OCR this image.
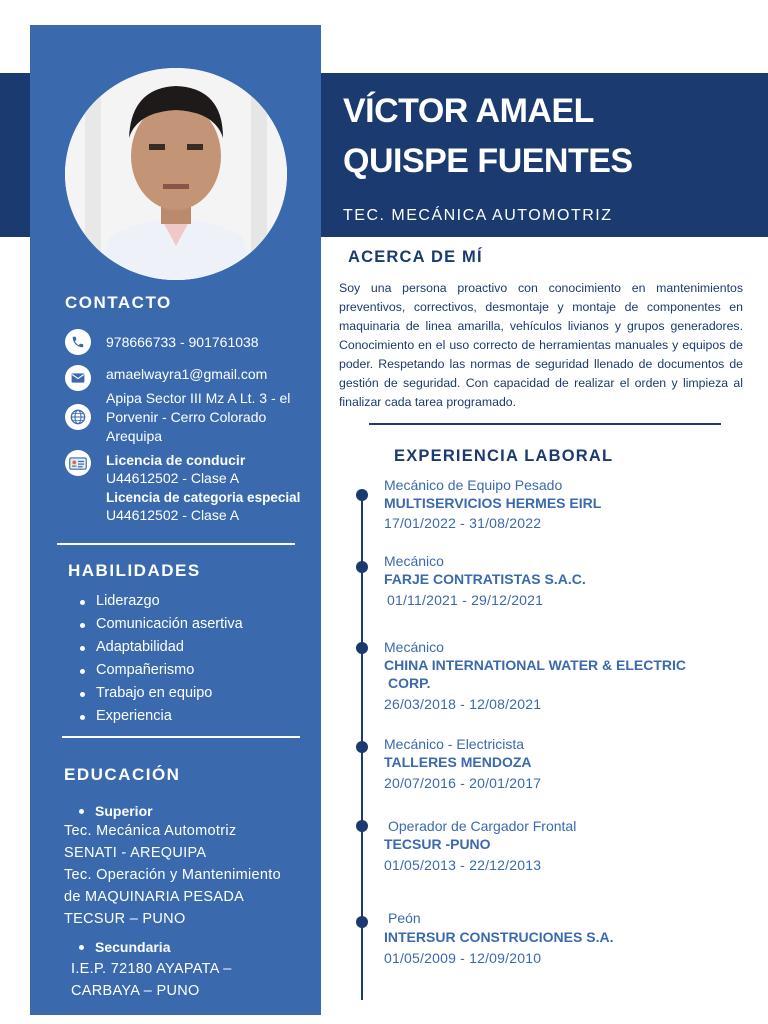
VÍCTOR AMAEL
QUISPE FUENTES
TEC. MECÁNICA AUTOMOTRIZ
CONTACTO
978666733 - 901761038
amaelwayra1@gmail.com
Apipa Sector III Mz A Lt. 3 - el
Porvenir - Cerro Colorado
Arequipa
Licencia de conducir
U44612502 - Clase A
Licencia de categoria especial
U44612502 - Clase A
HABILIDADES
Liderazgo
Comunicación asertiva
Adaptabilidad
Compañerismo
Trabajo en equipo
Experiencia
EDUCACIÓN
Superior
Tec. Mecánica Automotriz
SENATI - AREQUIPA
Tec. Operación y Mantenimiento
de MAQUINARIA PESADA
TECSUR – PUNO
Secundaria
I.E.P. 72180 AYAPATA –
CARBAYA – PUNO
ACERCA DE MÍ

Soy una persona proactivo con conocimiento en mantenimientos preventivos, correctivos, desmontaje y montaje de componentes en maquinaria de linea amarilla, vehículos livianos y grupos generadores. Conocimiento en el uso correcto de herramientas manuales y equipos de poder. Respetando las normas de seguridad llenado de documentos de gestión de seguridad. Con capacidad de realizar el orden y limpieza al finalizar cada tarea programado.

EXPERIENCIA LABORAL
Mecánico de Equipo Pesado
MULTISERVICIOS HERMES EIRL
17/01/2022 - 31/08/2022
Mecánico
FARJE CONTRATISTAS S.A.C.
01/11/2021 - 29/12/2021
Mecánico
CHINA INTERNATIONAL WATER & ELECTRIC
CORP.
26/03/2018 - 12/08/2021
Mecánico - Electricista
TALLERES MENDOZA
20/07/2016 - 20/01/2017
Operador de Cargador Frontal
TECSUR -PUNO
01/05/2013 - 22/12/2013
Peón
INTERSUR CONSTRUCIONES S.A.
01/05/2009 - 12/09/2010
